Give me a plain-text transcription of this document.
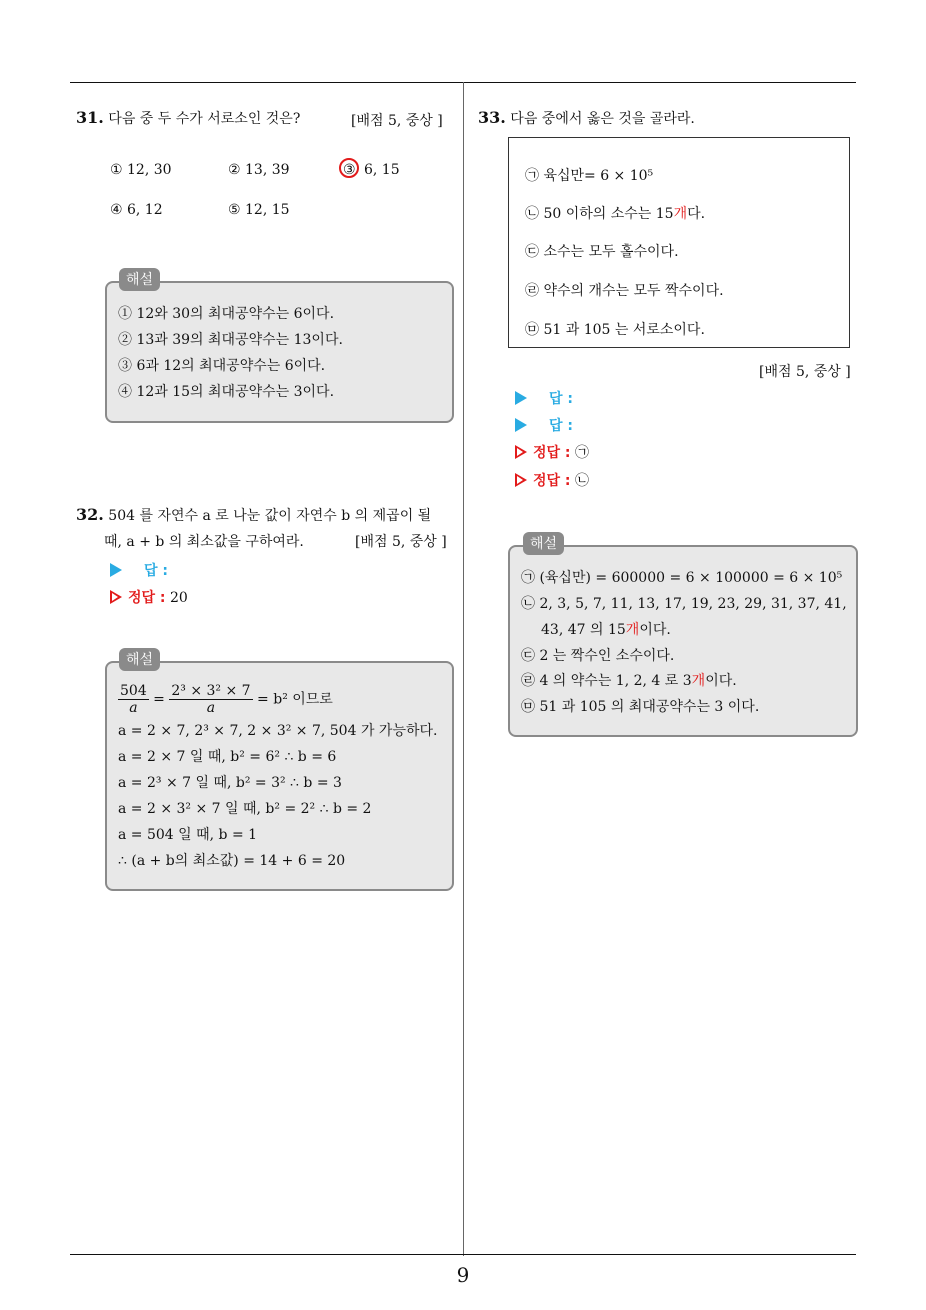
9
31. 다음 중 두 수가 서로소인 것은?	[배점 5, 중상 ]
① 12, 30	② 13, 39	③ 6, 15
④ 6, 12	⑤ 12, 15
해설
① 12와 30의 최대공약수는 6이다.
② 13과 39의 최대공약수는 13이다.
③ 6과 12의 최대공약수는 6이다.
④ 12과 15의 최대공약수는 3이다.
32. 504 를 자연수 a 로 나눈 값이 자연수 b 의 제곱이 될
때, a + b 의 최소값을 구하여라.	[배점 5, 중상 ]
답 :
정답 : 20
해설
$\frac{504}{a} = \frac{\text{2³ × 3² × 7}}{a} = b^2$ 이므로
a = 2 × 7, 2³ × 7, 2 × 3² × 7, 504 가 가능하다.
a = 2 × 7 일 때, b² = 6² ∴ b = 6
a = 2³ × 7 일 때, b² = 3² ∴ b = 3
a = 2 × 3² × 7 일 때, b² = 2² ∴ b = 2
a = 504 일 때, b = 1
∴ (a + b의 최소값) = 14 + 6 = 20
33. 다음 중에서 옳은 것을 골라라.
㉠ 육십만= 6 × 10⁵
㉡ 50 이하의 소수는 15개다.
㉢ 소수는 모두 홀수이다.
㉣ 약수의 개수는 모두 짝수이다.
㉤ 51 과 105 는 서로소이다.
[배점 5, 중상 ]
답 :
답 :
정답 : ㉠
정답 : ㉡
해설
㉠ (육십만) = 600000 = 6 × 100000 = 6 × 10⁵
㉡ 2, 3, 5, 7, 11, 13, 17, 19, 23, 29, 31, 37, 41,
43, 47 의 15개이다.
㉢ 2 는 짝수인 소수이다.
㉣ 4 의 약수는 1, 2, 4 로 3개이다.
㉤ 51 과 105 의 최대공약수는 3 이다.
